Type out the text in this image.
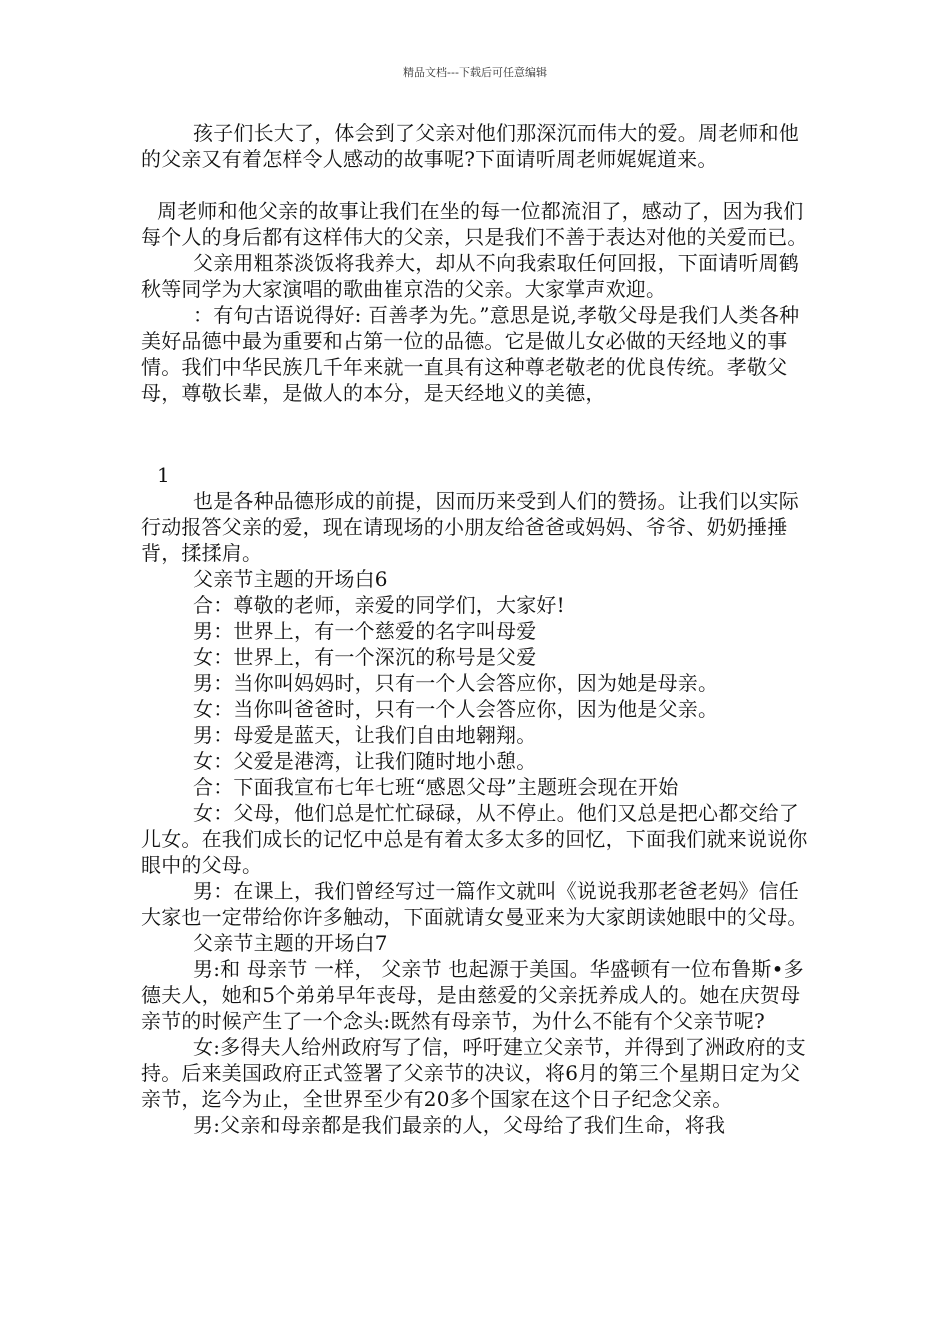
精品文档---下载后可任意编辑

孩子们长大了，体会到了父亲对他们那深沉而伟大的爱。周老师和他的父亲又有着怎样令人感动的故事呢?下面请听周老师娓娓道来。

周老师和他父亲的故事让我们在坐的每一位都流泪了，感动了，因为我们每个人的身后都有这样伟大的父亲，只是我们不善于表达对他的关爱而已。

父亲用粗茶淡饭将我养大，却从不向我索取任何回报，下面请听周鹤秋等同学为大家演唱的歌曲崔京浩的父亲。大家掌声欢迎。

：有句古语说得好: 百善孝为先。”意思是说,孝敬父母是我们人类各种美好品德中最为重要和占第一位的品德。它是做儿女必做的天经地义的事情。我们中华民族几千年来就一直具有这种尊老敬老的优良传统。孝敬父母，尊敬长辈，是做人的本分，是天经地义的美德，

1

也是各种品德形成的前提，因而历来受到人们的赞扬。让我们以实际行动报答父亲的爱，现在请现场的小朋友给爸爸或妈妈、爷爷、奶奶捶捶背，揉揉肩。

父亲节主题的开场白6

合：尊敬的老师，亲爱的同学们，大家好!

男：世界上，有一个慈爱的名字叫母爱

女：世界上，有一个深沉的称号是父爱

男：当你叫妈妈时，只有一个人会答应你，因为她是母亲。

女：当你叫爸爸时，只有一个人会答应你，因为他是父亲。

男：母爱是蓝天，让我们自由地翱翔。

女：父爱是港湾，让我们随时地小憩。

合：下面我宣布七年七班“感恩父母”主题班会现在开始

女：父母，他们总是忙忙碌碌，从不停止。他们又总是把心都交给了儿女。在我们成长的记忆中总是有着太多太多的回忆，下面我们就来说说你眼中的父母。

男：在课上，我们曾经写过一篇作文就叫《说说我那老爸老妈》信任大家也一定带给你许多触动，下面就请女曼亚来为大家朗读她眼中的父母。

父亲节主题的开场白7

男:和 母亲节 一样， 父亲节 也起源于美国。华盛顿有一位布鲁斯•多德夫人，她和5个弟弟早年丧母，是由慈爱的父亲抚养成人的。她在庆贺母亲节的时候产生了一个念头:既然有母亲节，为什么不能有个父亲节呢?

女:多得夫人给州政府写了信，呼吁建立父亲节，并得到了洲政府的支持。后来美国政府正式签署了父亲节的决议，将6月的第三个星期日定为父亲节，迄今为止，全世界至少有20多个国家在这个日子纪念父亲。

男:父亲和母亲都是我们最亲的人，父母给了我们生命，将我
